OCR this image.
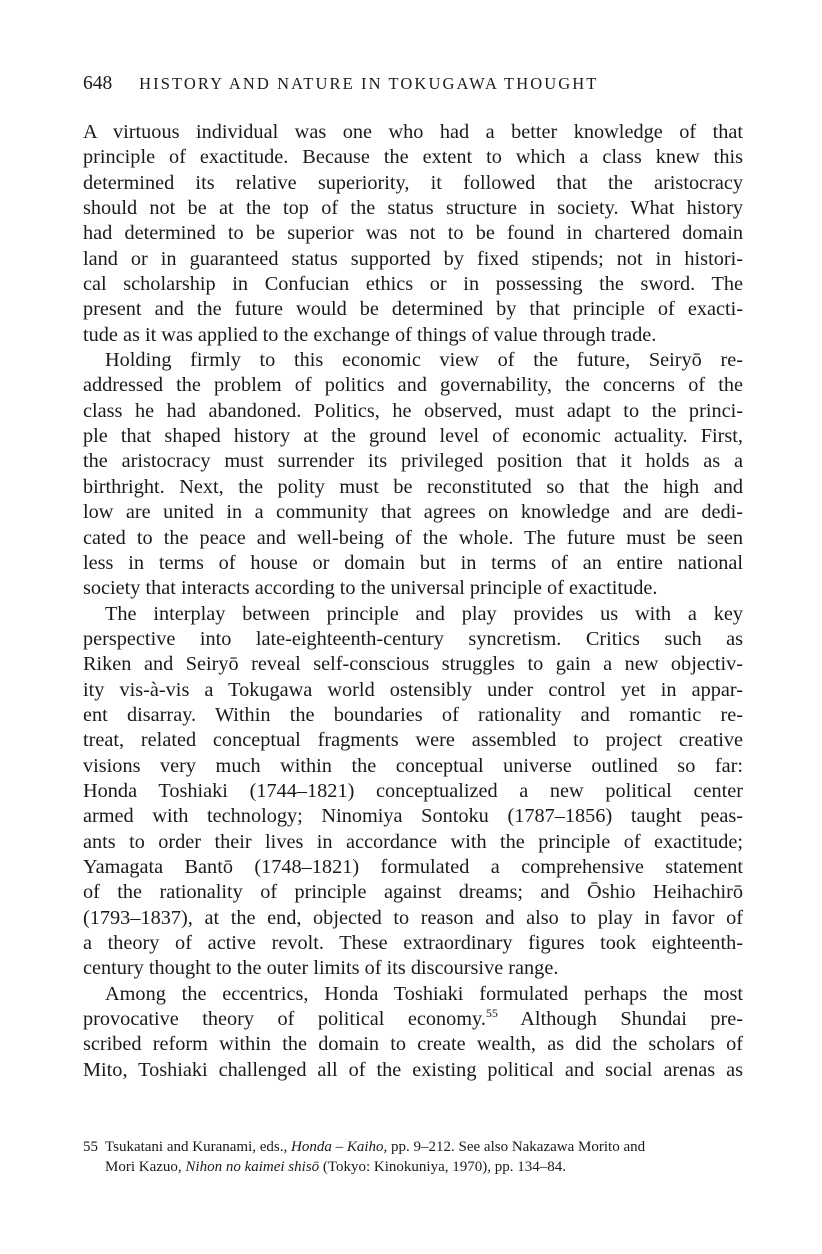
648 HISTORY AND NATURE IN TOKUGAWA THOUGHT

A virtuous individual was one who had a better knowledge of that
principle of exactitude. Because the extent to which a class knew this
determined its relative superiority, it followed that the aristocracy
should not be at the top of the status structure in society. What history
had determined to be superior was not to be found in chartered domain
land or in guaranteed status supported by fixed stipends; not in histori-
cal scholarship in Confucian ethics or in possessing the sword. The
present and the future would be determined by that principle of exacti-
tude as it was applied to the exchange of things of value through trade.

Holding firmly to this economic view of the future, Seiryō re-
addressed the problem of politics and governability, the concerns of the
class he had abandoned. Politics, he observed, must adapt to the princi-
ple that shaped history at the ground level of economic actuality. First,
the aristocracy must surrender its privileged position that it holds as a
birthright. Next, the polity must be reconstituted so that the high and
low are united in a community that agrees on knowledge and are dedi-
cated to the peace and well-being of the whole. The future must be seen
less in terms of house or domain but in terms of an entire national
society that interacts according to the universal principle of exactitude.

The interplay between principle and play provides us with a key
perspective into late-eighteenth-century syncretism. Critics such as
Riken and Seiryō reveal self-conscious struggles to gain a new objectiv-
ity vis-à-vis a Tokugawa world ostensibly under control yet in appar-
ent disarray. Within the boundaries of rationality and romantic re-
treat, related conceptual fragments were assembled to project creative
visions very much within the conceptual universe outlined so far:
Honda Toshiaki (1744–1821) conceptualized a new political center
armed with technology; Ninomiya Sontoku (1787–1856) taught peas-
ants to order their lives in accordance with the principle of exactitude;
Yamagata Bantō (1748–1821) formulated a comprehensive statement
of the rationality of principle against dreams; and Ōshio Heihachirō
(1793–1837), at the end, objected to reason and also to play in favor of
a theory of active revolt. These extraordinary figures took eighteenth-
century thought to the outer limits of its discoursive range.

Among the eccentrics, Honda Toshiaki formulated perhaps the most
provocative theory of political economy.$^{55}$ Although Shundai pre-
scribed reform within the domain to create wealth, as did the scholars of
Mito, Toshiaki challenged all of the existing political and social arenas as

55 Tsukatani and Kuranami, eds., Honda – Kaiho, pp. 9–212. See also Nakazawa Morito and
Mori Kazuo, Nihon no kaimei shisō (Tokyo: Kinokuniya, 1970), pp. 134–84.
